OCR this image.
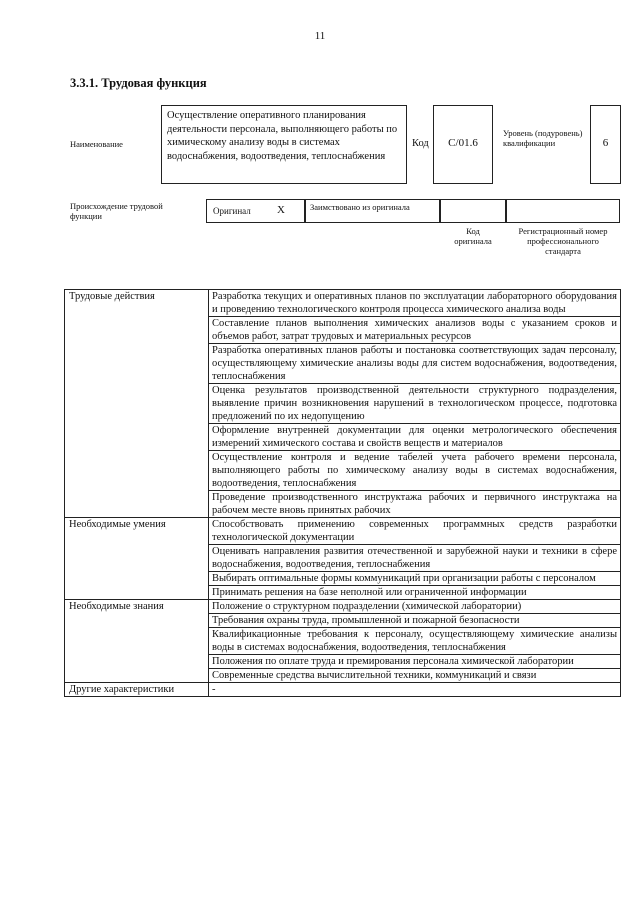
11
3.3.1. Трудовая функция
Наименование
Осуществление оперативного планирования деятельности персонала, выполняющего работы по химическому анализу воды в системах водоснабжения, водоотведения, теплоснабжения
Код	С/01.6
Уровень (подуровень) квалификации	6
Происхождение трудовой функции	Оригинал X	Заимствовано из оригинала
Код оригинала
Регистрационный номер профессионального стандарта
Трудовые действия	Разработка текущих и оперативных планов по эксплуатации лабораторного оборудования и проведению технологического контроля процесса химического анализа воды
	Составление планов выполнения химических анализов воды с указанием сроков и объемов работ, затрат трудовых и материальных ресурсов
	Разработка оперативных планов работы и постановка соответствующих задач персоналу, осуществляющему химические анализы воды для систем водоснабжения, водоотведения, теплоснабжения
	Оценка результатов производственной деятельности структурного подразделения, выявление причин возникновения нарушений в технологическом процессе, подготовка предложений по их недопущению
	Оформление внутренней документации для оценки метрологического обеспечения измерений химического состава и свойств веществ и материалов
	Осуществление контроля и ведение табелей учета рабочего времени персонала, выполняющего работы по химическому анализу воды в системах водоснабжения, водоотведения, теплоснабжения
	Проведение производственного инструктажа рабочих и первичного инструктажа на рабочем месте вновь принятых рабочих
Необходимые умения	Способствовать применению современных программных средств разработки технологической документации
	Оценивать направления развития отечественной и зарубежной науки и техники в сфере водоснабжения, водоотведения, теплоснабжения
	Выбирать оптимальные формы коммуникаций при организации работы с персоналом
	Принимать решения на базе неполной или ограниченной информации
Необходимые знания	Положение о структурном подразделении (химической лаборатории)
	Требования охраны труда, промышленной и пожарной безопасности
	Квалификационные требования к персоналу, осуществляющему химические анализы воды в системах водоснабжения, водоотведения, теплоснабжения
	Положения по оплате труда и премирования персонала химической лаборатории
	Современные средства вычислительной техники, коммуникаций и связи
Другие характеристики	-
